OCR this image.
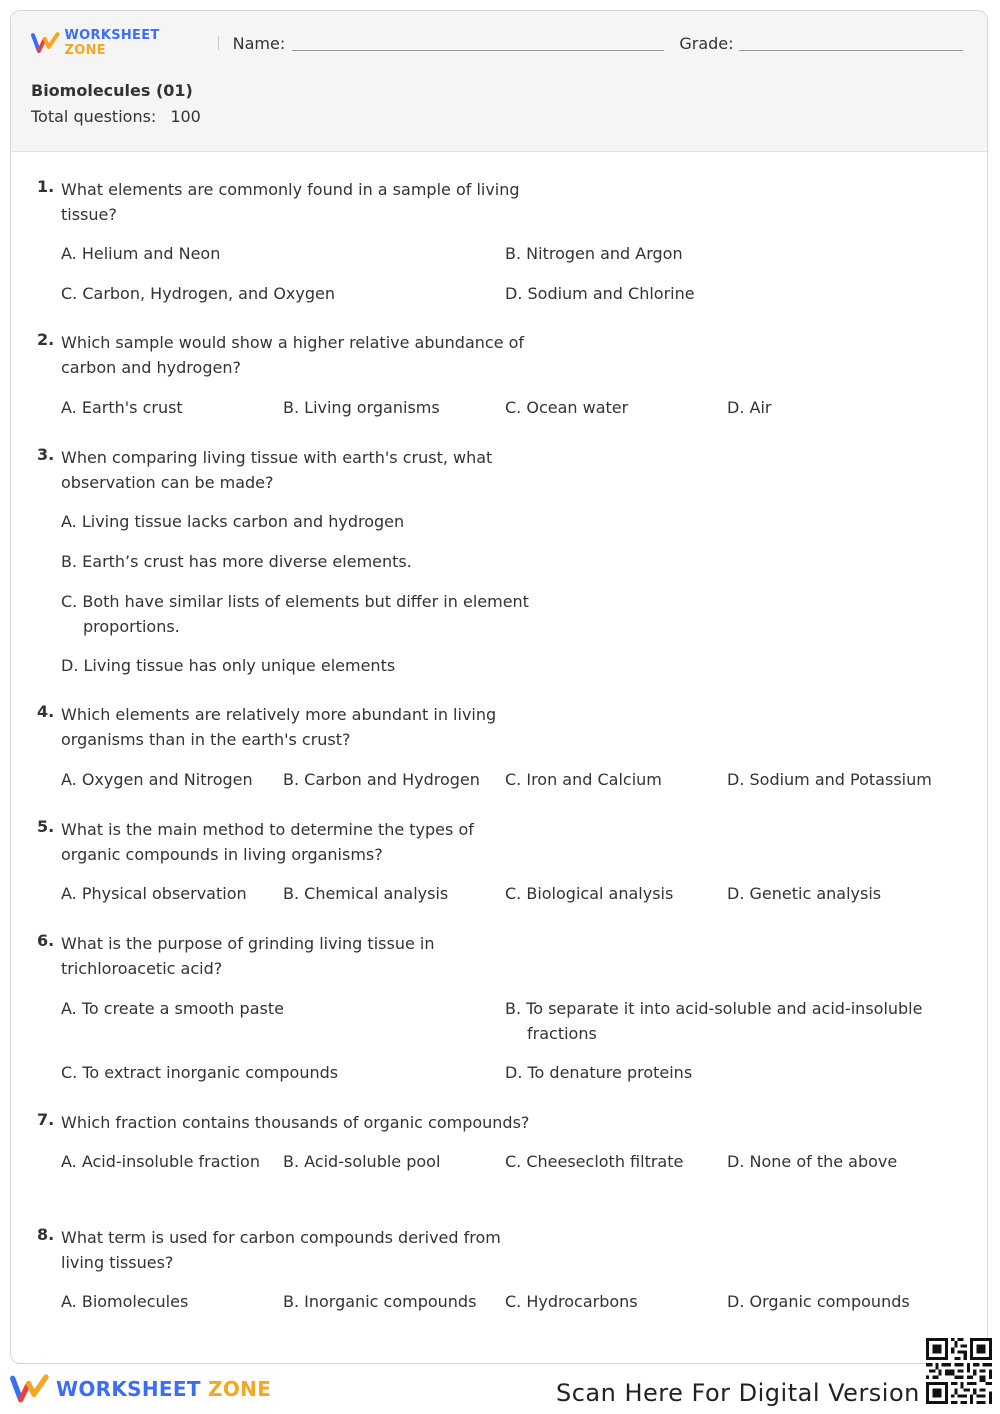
WORKSHEET ZONE	Name:	Grade:
Biomolecules (01)
Total questions: 100
1. What elements are commonly found in a sample of living tissue?
A. Helium and Neon	B. Nitrogen and Argon
C. Carbon, Hydrogen, and Oxygen	D. Sodium and Chlorine
2. Which sample would show a higher relative abundance of carbon and hydrogen?
A. Earth's crust	B. Living organisms	C. Ocean water	D. Air
3. When comparing living tissue with earth's crust, what observation can be made?
A. Living tissue lacks carbon and hydrogen
B. Earth’s crust has more diverse elements.
C. Both have similar lists of elements but differ in element proportions.
D. Living tissue has only unique elements
4. Which elements are relatively more abundant in living organisms than in the earth's crust?
A. Oxygen and Nitrogen B. Carbon and Hydrogen C. Iron and Calcium	D. Sodium and Potassium
5. What is the main method to determine the types of organic compounds in living organisms?
A. Physical observation B. Chemical analysis	C. Biological analysis	D. Genetic analysis
6. What is the purpose of grinding living tissue in trichloroacetic acid?
A. To create a smooth paste	B. To separate it into acid-soluble and acid-insoluble fractions
C. To extract inorganic compounds	D. To denature proteins
7. Which fraction contains thousands of organic compounds?
A. Acid-insoluble fraction B. Acid-soluble pool	C. Cheesecloth filtrate	D. None of the above
8. What term is used for carbon compounds derived from living tissues?
A. Biomolecules	B. Inorganic compounds C. Hydrocarbons	D. Organic compounds
WORKSHEET ZONE	Scan Here For Digital Version
